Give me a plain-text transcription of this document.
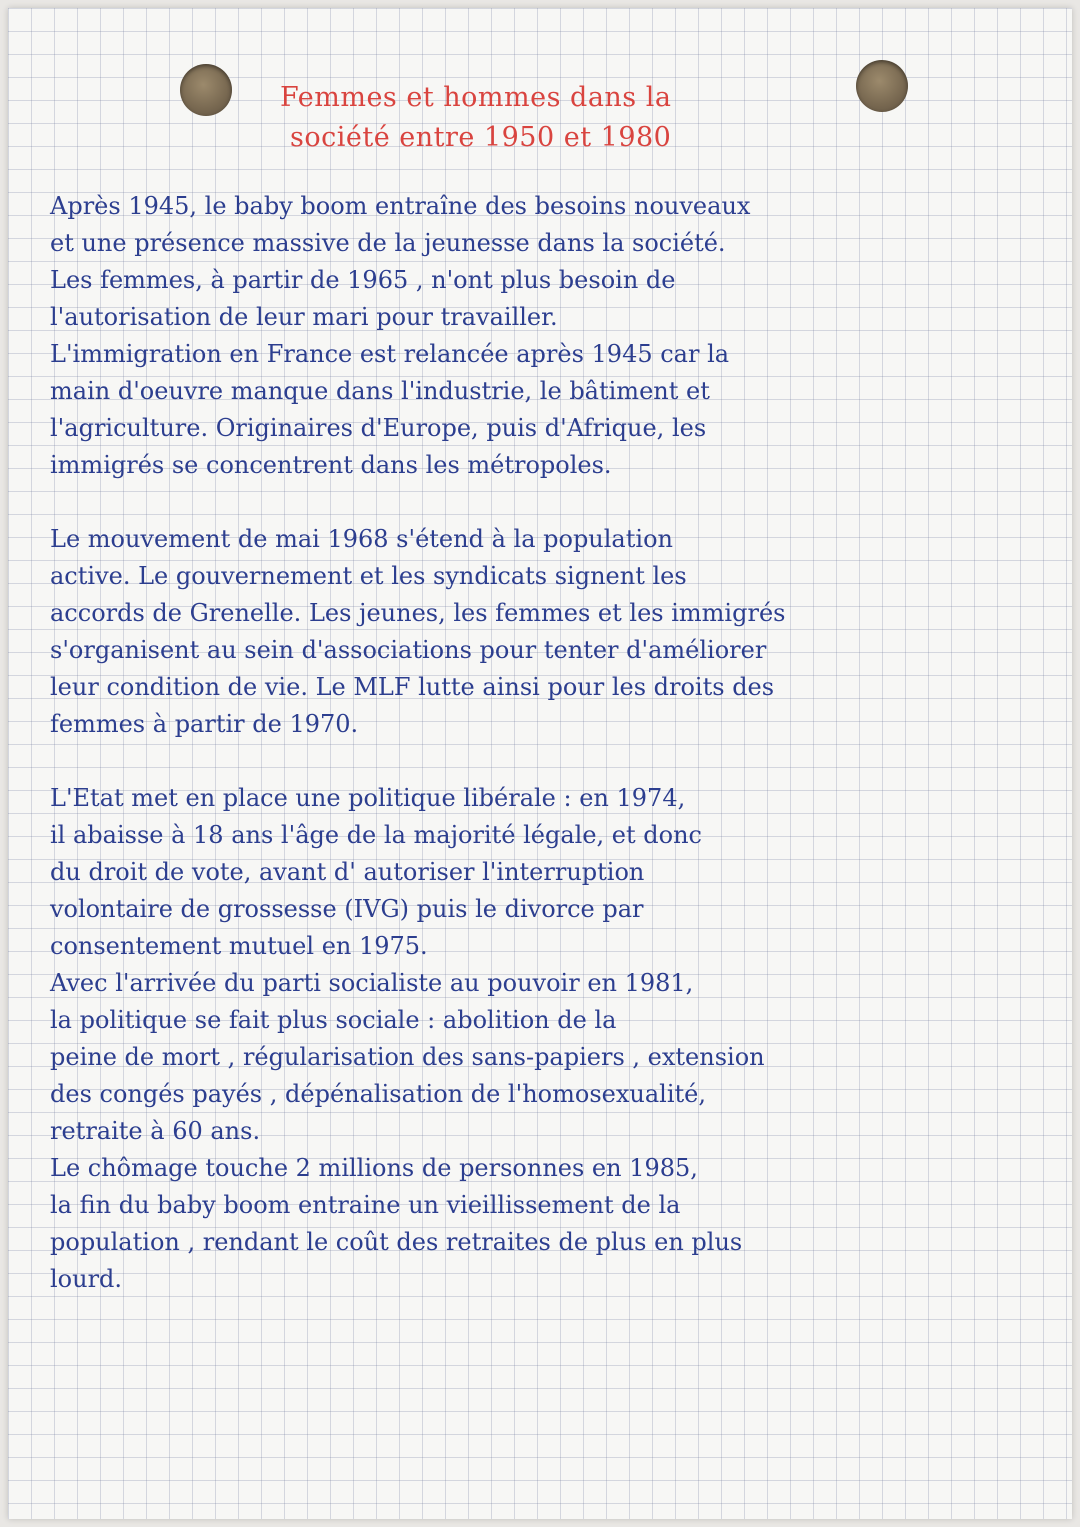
Femmes et hommes dans la
société entre 1950 et 1980
Après 1945, le baby boom entraîne des besoins nouveaux
et une présence massive de la jeunesse dans la société.
Les femmes, à partir de 1965 , n'ont plus besoin de
l'autorisation de leur mari pour travailler.
L'immigration en France est relancée après 1945 car la
main d'oeuvre manque dans l'industrie, le bâtiment et
l'agriculture. Originaires d'Europe, puis d'Afrique, les
immigrés se concentrent dans les métropoles.
Le mouvement de mai 1968 s'étend à la population
active. Le gouvernement et les syndicats signent les
accords de Grenelle. Les jeunes, les femmes et les immigrés
s'organisent au sein d'associations pour tenter d'améliorer
leur condition de vie. Le MLF lutte ainsi pour les droits des
femmes à partir de 1970.
L'Etat met en place une politique libérale : en 1974,
il abaisse à 18 ans l'âge de la majorité légale, et donc
du droit de vote, avant d' autoriser l'interruption
volontaire de grossesse (IVG) puis le divorce par
consentement mutuel en 1975.
Avec l'arrivée du parti socialiste au pouvoir en 1981,
la politique se fait plus sociale : abolition de la
peine de mort , régularisation des sans-papiers , extension
des congés payés , dépénalisation de l'homosexualité,
retraite à 60 ans.
Le chômage touche 2 millions de personnes en 1985,
la fin du baby boom entraine un vieillissement de la
population , rendant le coût des retraites de plus en plus
lourd.
